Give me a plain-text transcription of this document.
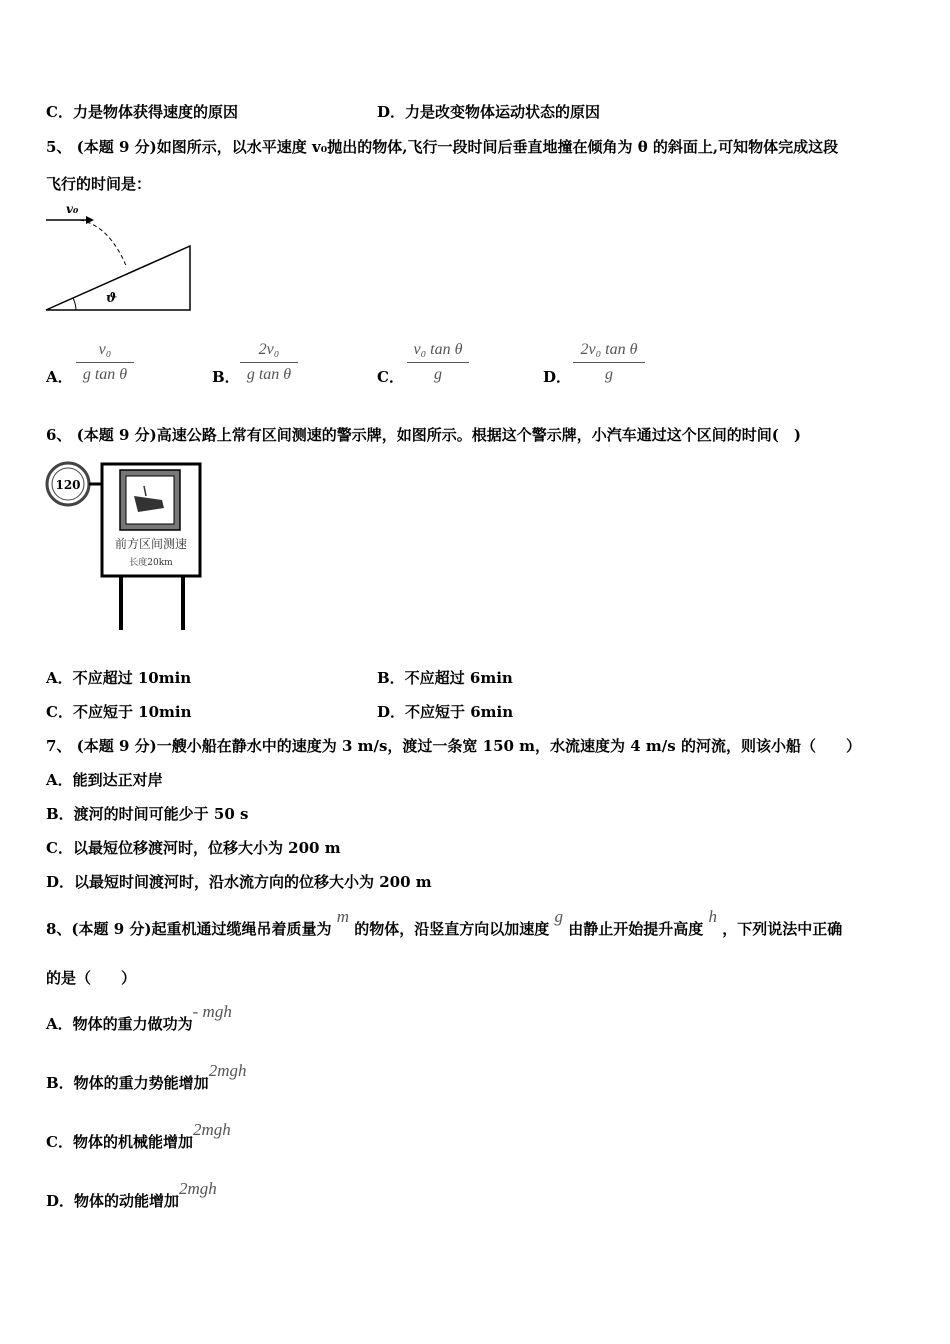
C．力是物体获得速度的原因	D．力是改变物体运动状态的原因
5、 (本题 9 分)如图所示，以水平速度 v₀抛出的物体,飞行一段时间后垂直地撞在倾角为 θ 的斜面上,可知物体完成这段
飞行的时间是：
v₀
ϑ
A．
v₀
g tan θ	B．
2v₀
g tan θ	C．
v₀ tan θ
g	D．
2v₀ tan θ
g
6、 (本题 9 分)高速公路上常有区间测速的警示牌，如图所示。根据这个警示牌，小汽车通过这个区间的时间(　)
120
前方区间测速
长度20km
A．不应超过 10min	B．不应超过 6min
C．不应短于 10min	D．不应短于 6min
7、 (本题 9 分)一艘小船在静水中的速度为 3 m/s，渡过一条宽 150 m，水流速度为 4 m/s 的河流，则该小船（　　）
A．能到达正对岸
B．渡河的时间可能少于 50 s
C．以最短位移渡河时，位移大小为 200 m
D．以最短时间渡河时，沿水流方向的位移大小为 200 m
8、(本题 9 分)起重机通过缆绳吊着质量为 m 的物体，沿竖直方向以加速度 g 由静止开始提升高度 h ，下列说法中正确
的是（　　）
A．物体的重力做功为- mgh
B．物体的重力势能增加2mgh
C．物体的机械能增加2mgh
D．物体的动能增加2mgh
